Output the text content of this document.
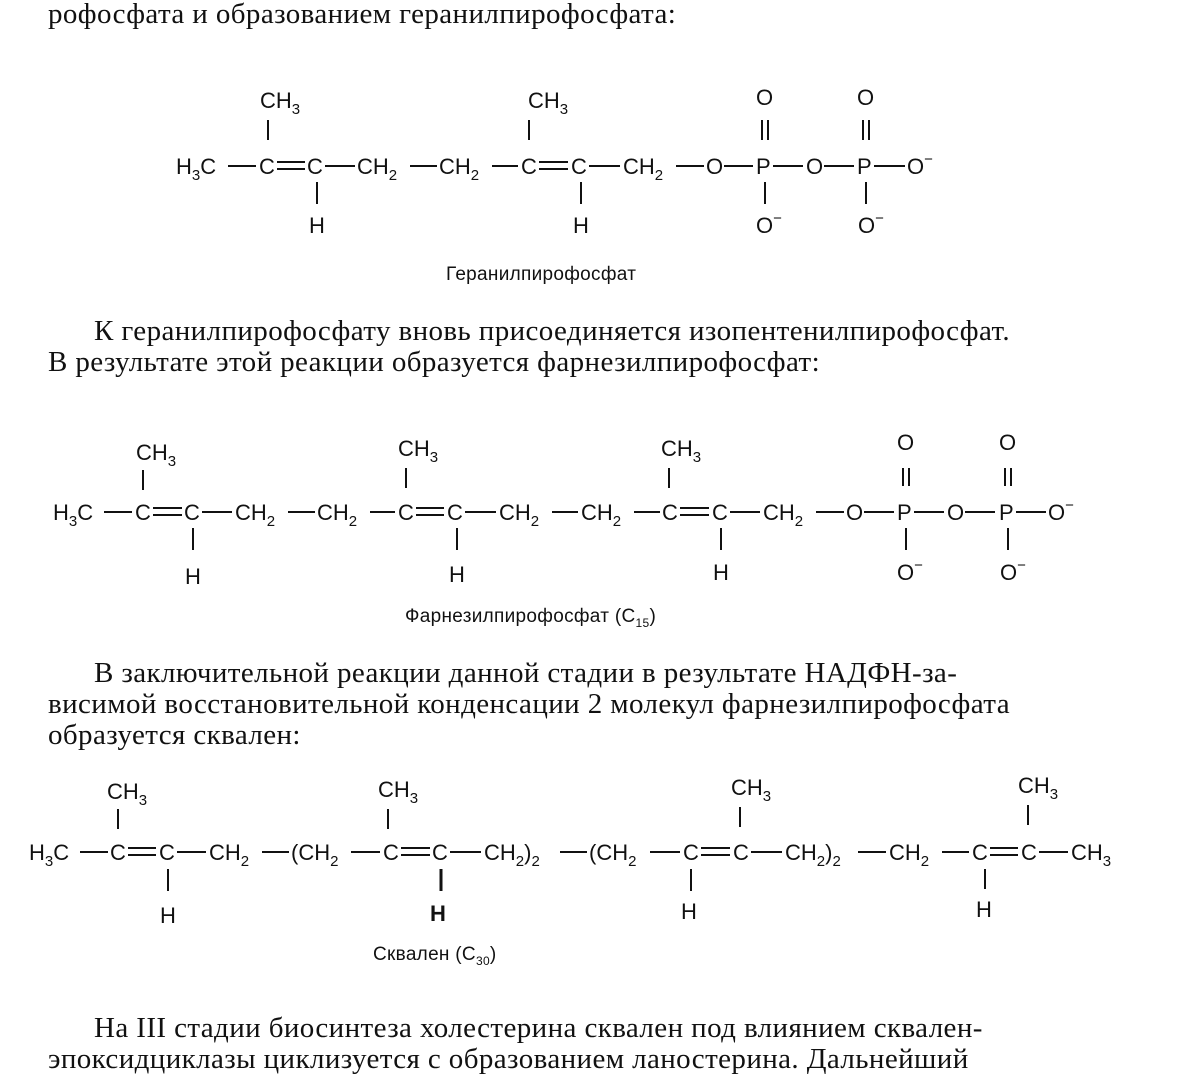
рофосфата и образованием геранилпирофосфата:

$CH_3$	$CH_3$	O	O
$H_3C$ C C $CH_2$ $CH_2$ C C $CH_2$ O P O P O−
H	H	O−	O−
Геранилпирофосфат

К геранилпирофосфату вновь присоединяется изопентенилпирофосфат.
В результате этой реакции образуется фарнезилпирофосфат:

$CH_3$
$CH_3$	$CH_3$
O	O
$H_3C$ C C $CH_2$ $CH_2$ C C $CH_2$ $CH_2$ C C $CH_2$ O P O P O−
H	H	H	O−	O−
Фарнезилпирофосфат $(C_{15})$

В заключительной реакции данной стадии в результате НАДФН-за-
висимой восстановительной конденсации 2 молекул фарнезилпирофосфата
образуется сквален:

$CH_3$	$CH_3$	$CH_3$	$CH_3$
$H_3C$ C C $CH_2$ ($CH_2$ C C $CH_2)_2$ ($CH_2$ C C $CH_2)_2$ $CH_2$ C C $CH_3$
H	H	H	H
Сквален $(C_{30})$

На III стадии биосинтеза холестерина сквален под влиянием сквален-
эпоксидциклазы циклизуется с образованием ланостерина. Дальнейший
